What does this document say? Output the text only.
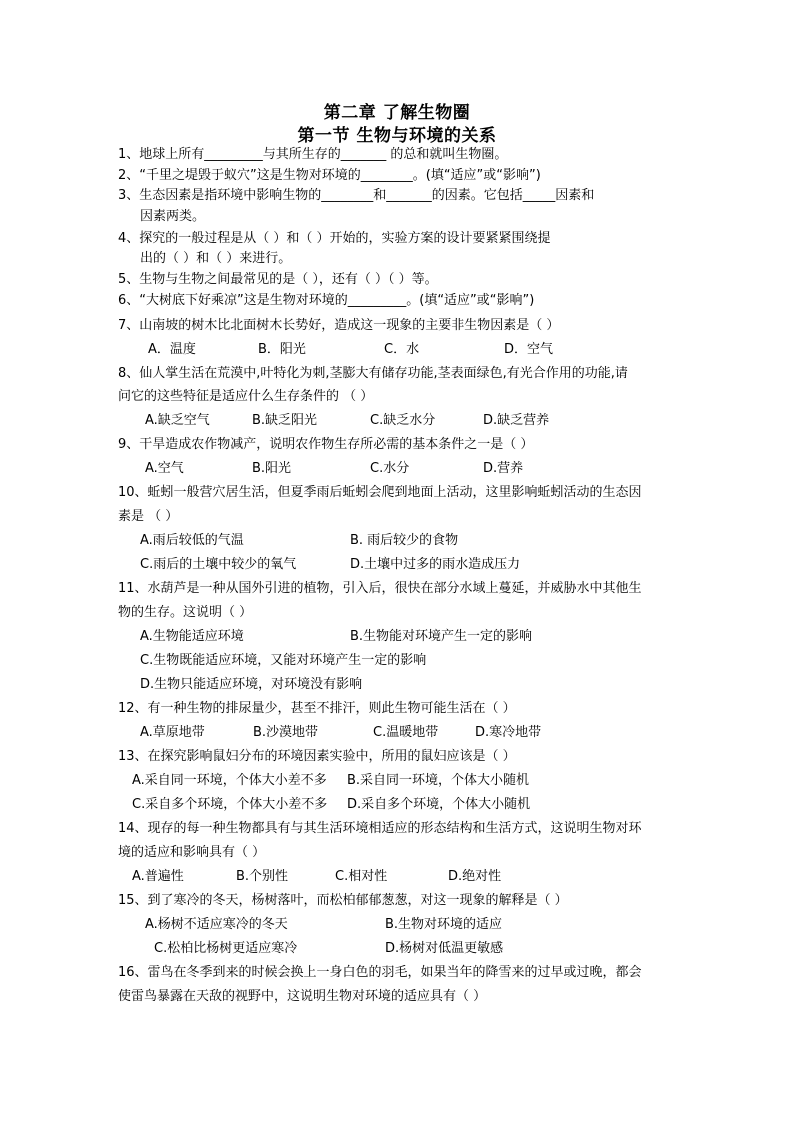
第二章 了解生物圈
第一节 生物与环境的关系
1、地球上所有_________与其所生存的_______ 的总和就叫生物圈。
2、“千里之堤毁于蚁穴”这是生物对环境的________。(填“适应”或“影响”)
3、生态因素是指环境中影响生物的________和_______的因素。它包括_____因素和
因素两类。
4、探究的一般过程是从（ ）和（ ）开始的，实验方案的设计要紧紧围绕提
出的（ ）和（ ）来进行。
5、生物与生物之间最常见的是（ ），还有（ ）（ ）等。
6、“大树底下好乘凉”这是生物对环境的_________。(填“适应”或“影响”)
7、山南坡的树木比北面树木长势好，造成这一现象的主要非生物因素是（ ）
A．温度	B．阳光	C．水	D．空气
8、仙人掌生活在荒漠中,叶特化为刺,茎膨大有储存功能,茎表面绿色,有光合作用的功能,请
问它的这些特征是适应什么生存条件的 （ ）
A.缺乏空气	B.缺乏阳光	C.缺乏水分	D.缺乏营养
9、干旱造成农作物减产，说明农作物生存所必需的基本条件之一是（ ）
A.空气	B.阳光	C.水分	D.营养
10、蚯蚓一般营穴居生活，但夏季雨后蚯蚓会爬到地面上活动，这里影响蚯蚓活动的生态因
素是 （ ）
A.雨后较低的气温	B. 雨后较少的食物
C.雨后的土壤中较少的氧气	D.土壤中过多的雨水造成压力
11、水葫芦是一种从国外引进的植物，引入后，很快在部分水域上蔓延，并威胁水中其他生
物的生存。这说明（ ）
A.生物能适应环境	B.生物能对环境产生一定的影响
C.生物既能适应环境，又能对环境产生一定的影响
D.生物只能适应环境，对环境没有影响
12、有一种生物的排尿量少，甚至不排汗，则此生物可能生活在（ ）
A.草原地带	B.沙漠地带	C.温暖地带	D.寒冷地带
13、在探究影响鼠妇分布的环境因素实验中，所用的鼠妇应该是（ ）
A.采自同一环境，个体大小差不多 B.采自同一环境，个体大小随机
C.采自多个环境，个体大小差不多 D.采自多个环境，个体大小随机
14、现存的每一种生物都具有与其生活环境相适应的形态结构和生活方式，这说明生物对环
境的适应和影响具有（ ）
A.普遍性	B.个别性	C.相对性	D.绝对性
15、到了寒冷的冬天，杨树落叶，而松柏郁郁葱葱，对这一现象的解释是（ ）
A.杨树不适应寒冷的冬天	B.生物对环境的适应
C.松柏比杨树更适应寒冷	D.杨树对低温更敏感
16、雷鸟在冬季到来的时候会换上一身白色的羽毛，如果当年的降雪来的过早或过晚，都会
使雷鸟暴露在天敌的视野中，这说明生物对环境的适应具有（ ）
